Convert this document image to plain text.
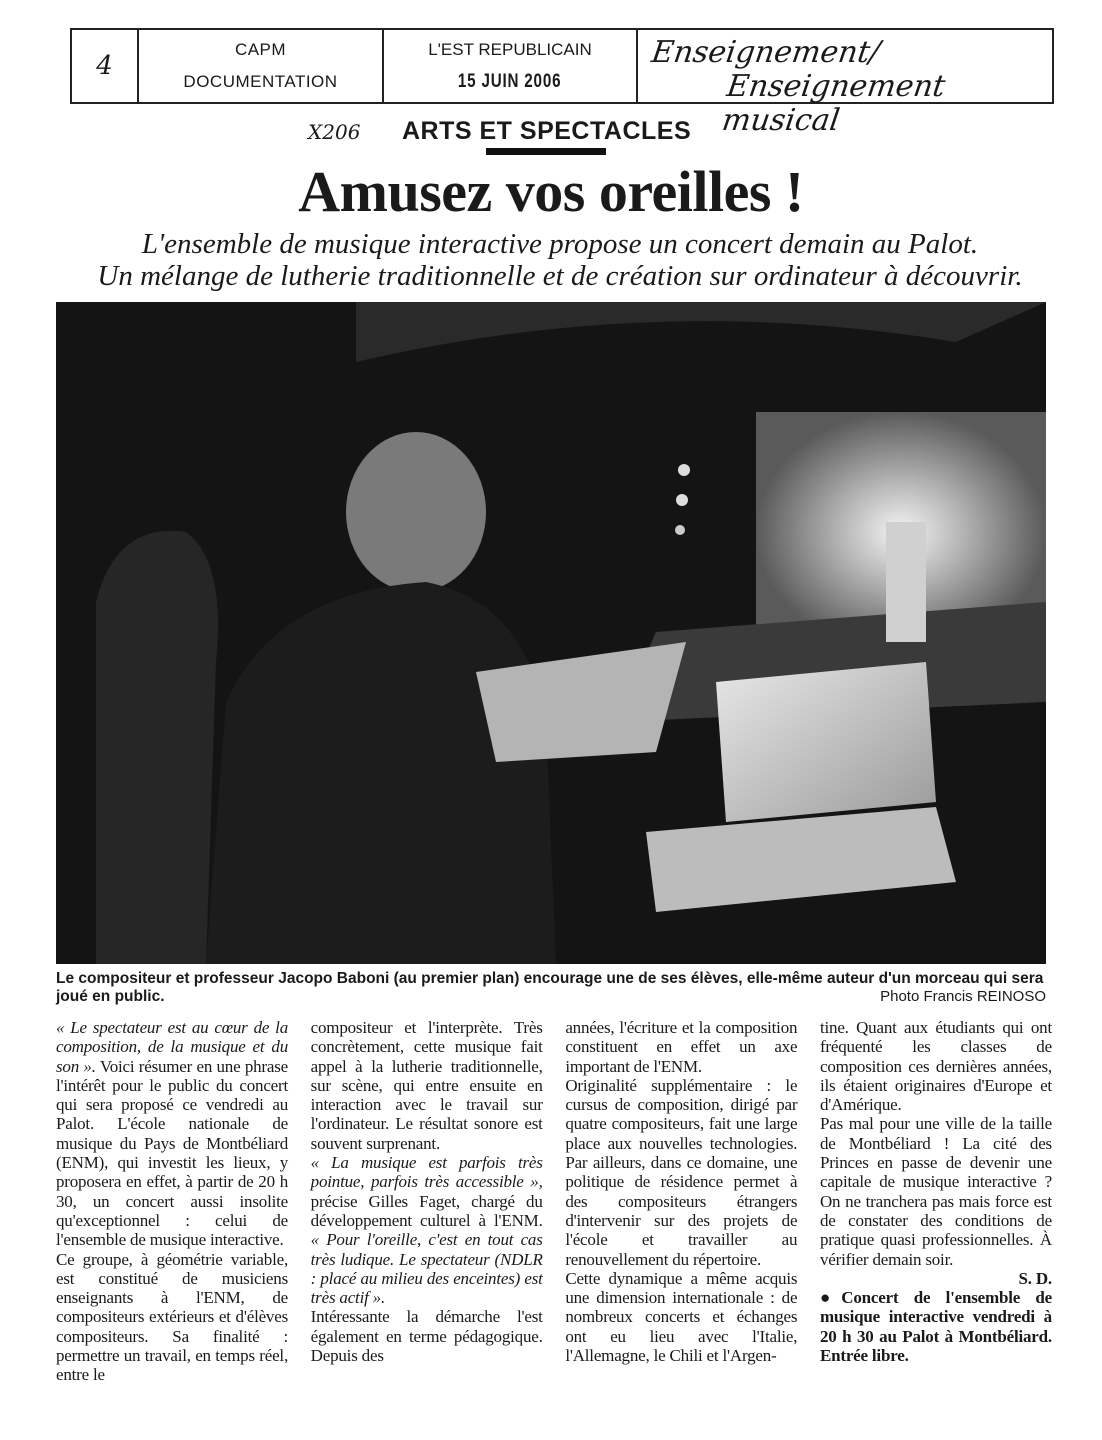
4
CAPM
DOCUMENTATION
L'EST REPUBLICAIN
15 JUIN 2006
Enseignement/
Enseignement musical
X206 ARTS ET SPECTACLES
Amusez vos oreilles !
L'ensemble de musique interactive propose un concert demain au Palot.
Un mélange de lutherie traditionnelle et de création sur ordinateur à découvrir.
Le compositeur et professeur Jacopo Baboni (au premier plan) encourage une de ses élèves, elle-même auteur d'un morceau qui sera joué en public.	Photo Francis REINOSO

« Le spectateur est au cœur de la composition, de la musique et du son ». Voici résumer en une phrase l'intérêt pour le public du concert qui sera proposé ce vendredi au Palot. L'école nationale de musique du Pays de Montbéliard (ENM), qui investit les lieux, y proposera en effet, à partir de 20 h 30, un concert aussi insolite qu'exceptionnel : celui de l'ensemble de musique interactive.

Ce groupe, à géométrie variable, est constitué de musiciens enseignants à l'ENM, de compositeurs extérieurs et d'élèves compositeurs. Sa finalité : permettre un travail, en temps réel, entre le

compositeur et l'interprète. Très concrètement, cette musique fait appel à la lutherie traditionnelle, sur scène, qui entre ensuite en interaction avec le travail sur l'ordinateur. Le résultat sonore est souvent surprenant.

« La musique est parfois très pointue, parfois très accessible », précise Gilles Faget, chargé du développement culturel à l'ENM. « Pour l'oreille, c'est en tout cas très ludique. Le spectateur (NDLR : placé au milieu des enceintes) est très actif ».

Intéressante la démarche l'est également en terme pédagogique. Depuis des

années, l'écriture et la composition constituent en effet un axe important de l'ENM.

Originalité supplémentaire : le cursus de composition, dirigé par quatre compositeurs, fait une large place aux nouvelles technologies. Par ailleurs, dans ce domaine, une politique de résidence permet à des compositeurs étrangers d'intervenir sur des projets de l'école et travailler au renouvellement du répertoire.

Cette dynamique a même acquis une dimension internationale : de nombreux concerts et échanges ont eu lieu avec l'Italie, l'Allemagne, le Chili et l'Argen-

tine. Quant aux étudiants qui ont fréquenté les classes de composition ces dernières années, ils étaient originaires d'Europe et d'Amérique.

Pas mal pour une ville de la taille de Montbéliard ! La cité des Princes en passe de devenir une capitale de musique interactive ? On ne tranchera pas mais force est de constater des conditions de pratique quasi professionnelles. À vérifier demain soir.

S. D.

●Concert de l'ensemble de musique interactive vendredi à 20 h 30 au Palot à Montbéliard. Entrée libre.
